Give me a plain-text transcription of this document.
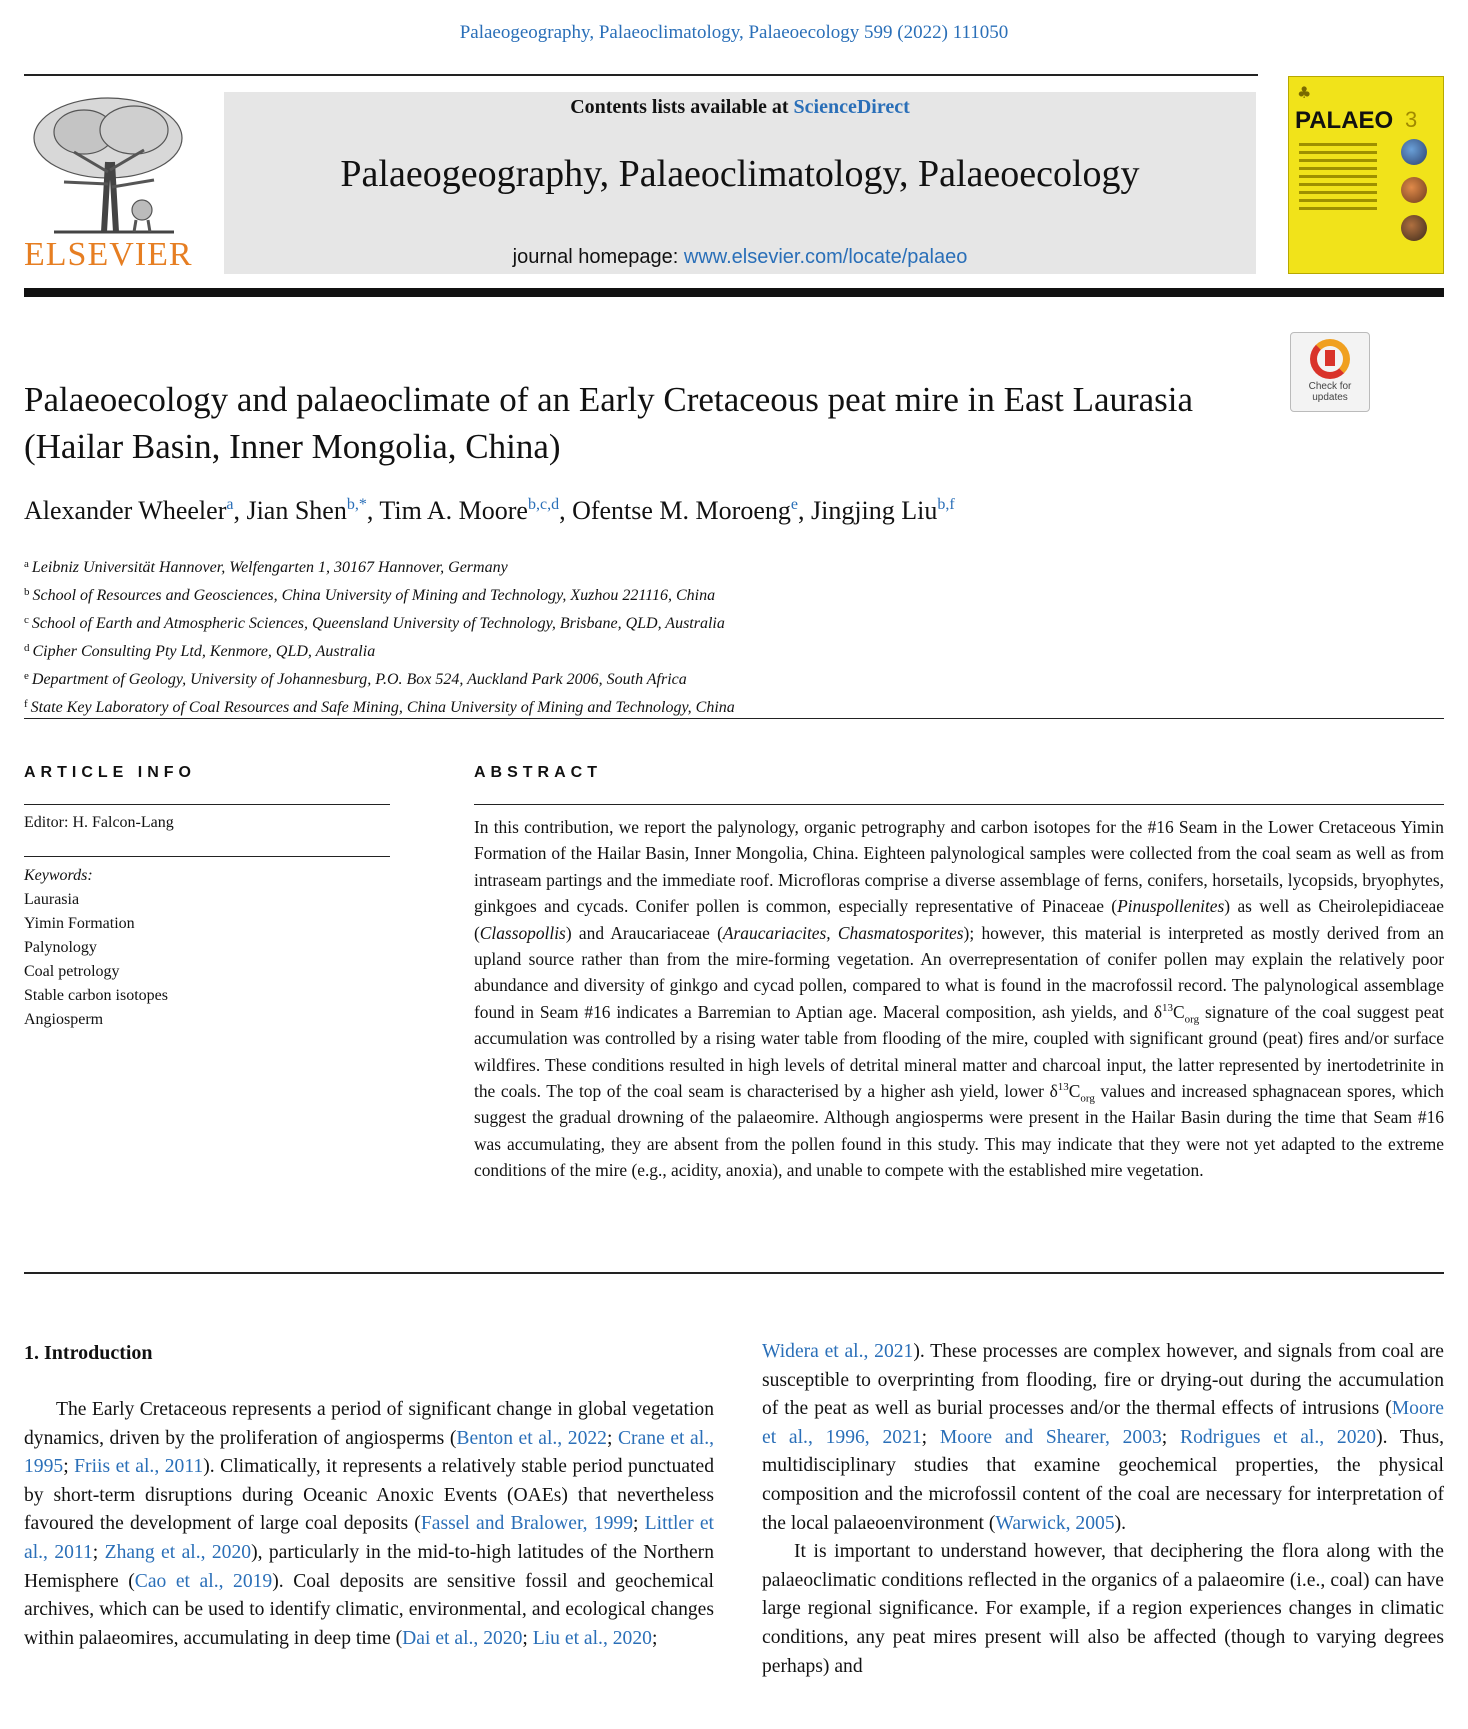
Palaeogeography, Palaeoclimatology, Palaeoecology 599 (2022) 111050
ELSEVIER
Contents lists available at ScienceDirect
Palaeogeography, Palaeoclimatology, Palaeoecology
journal homepage: www.elsevier.com/locate/palaeo
♣
PALAEO 3
Check for
updates
Palaeoecology and palaeoclimate of an Early Cretaceous peat mire in East Laurasia (Hailar Basin, Inner Mongolia, China)
Alexander Wheeler$^a$, Jian Shen$^{b,*}$, Tim A. Moore$^{b,c,d}$, Ofentse M. Moroeng$^e$, Jingjing Liu$^{b,f}$
$^a$ Leibniz Universität Hannover, Welfengarten 1, 30167 Hannover, Germany
$^b$ School of Resources and Geosciences, China University of Mining and Technology, Xuzhou 221116, China
$^c$ School of Earth and Atmospheric Sciences, Queensland University of Technology, Brisbane, QLD, Australia
$^d$ Cipher Consulting Pty Ltd, Kenmore, QLD, Australia
$^e$ Department of Geology, University of Johannesburg, P.O. Box 524, Auckland Park 2006, South Africa
$^f$ State Key Laboratory of Coal Resources and Safe Mining, China University of Mining and Technology, China
ARTICLE INFO
Editor: H. Falcon-Lang
Keywords:
Laurasia
Yimin Formation
Palynology
Coal petrology
Stable carbon isotopes
Angiosperm
ABSTRACT

In this contribution, we report the palynology, organic petrography and carbon isotopes for the #16 Seam in the Lower Cretaceous Yimin Formation of the Hailar Basin, Inner Mongolia, China. Eighteen palynological samples were collected from the coal seam as well as from intraseam partings and the immediate roof. Microfloras comprise a diverse assemblage of ferns, conifers, horsetails, lycopsids, bryophytes, ginkgoes and cycads. Conifer pollen is common, especially representative of Pinaceae (Pinuspollenites) as well as Cheirolepidiaceae (Classopollis) and Araucariaceae (Araucariacites, Chasmatosporites); however, this material is interpreted as mostly derived from an upland source rather than from the mire-forming vegetation. An overrepresentation of conifer pollen may explain the relatively poor abundance and diversity of ginkgo and cycad pollen, compared to what is found in the macrofossil record. The palynological assemblage found in Seam #16 indicates a Barremian to Aptian age. Maceral composition, ash yields, and $\delta^{13}C_{org}$ signature of the coal suggest peat accumulation was controlled by a rising water table from flooding of the mire, coupled with significant ground (peat) fires and/or surface wildfires. These conditions resulted in high levels of detrital mineral matter and charcoal input, the latter represented by inertodetrinite in the coals. The top of the coal seam is characterised by a higher ash yield, lower $\delta^{13}C_{org}$ values and increased sphagnacean spores, which suggest the gradual drowning of the palaeomire. Although angiosperms were present in the Hailar Basin during the time that Seam #16 was accumulating, they are absent from the pollen found in this study. This may indicate that they were not yet adapted to the extreme conditions of the mire (e.g., acidity, anoxia), and unable to compete with the established mire vegetation.

1. Introduction

The Early Cretaceous represents a period of significant change in global vegetation dynamics, driven by the proliferation of angiosperms (Benton et al., 2022; Crane et al., 1995; Friis et al., 2011). Climatically, it represents a relatively stable period punctuated by short-term disruptions during Oceanic Anoxic Events (OAEs) that nevertheless favoured the development of large coal deposits (Fassel and Bralower, 1999; Littler et al., 2011; Zhang et al., 2020), particularly in the mid-to-high latitudes of the Northern Hemisphere (Cao et al., 2019). Coal deposits are sensitive fossil and geochemical archives, which can be used to identify climatic, environmental, and ecological changes within palaeomires, accumulating in deep time (Dai et al., 2020; Liu et al., 2020;

Widera et al., 2021). These processes are complex however, and signals from coal are susceptible to overprinting from flooding, fire or drying-out during the accumulation of the peat as well as burial processes and/or the thermal effects of intrusions (Moore et al., 1996, 2021; Moore and Shearer, 2003; Rodrigues et al., 2020). Thus, multidisciplinary studies that examine geochemical properties, the physical composition and the microfossil content of the coal are necessary for interpretation of the local palaeoenvironment (Warwick, 2005).

It is important to understand however, that deciphering the flora along with the palaeoclimatic conditions reflected in the organics of a palaeomire (i.e., coal) can have large regional significance. For example, if a region experiences changes in climatic conditions, any peat mires present will also be affected (though to varying degrees perhaps) and
